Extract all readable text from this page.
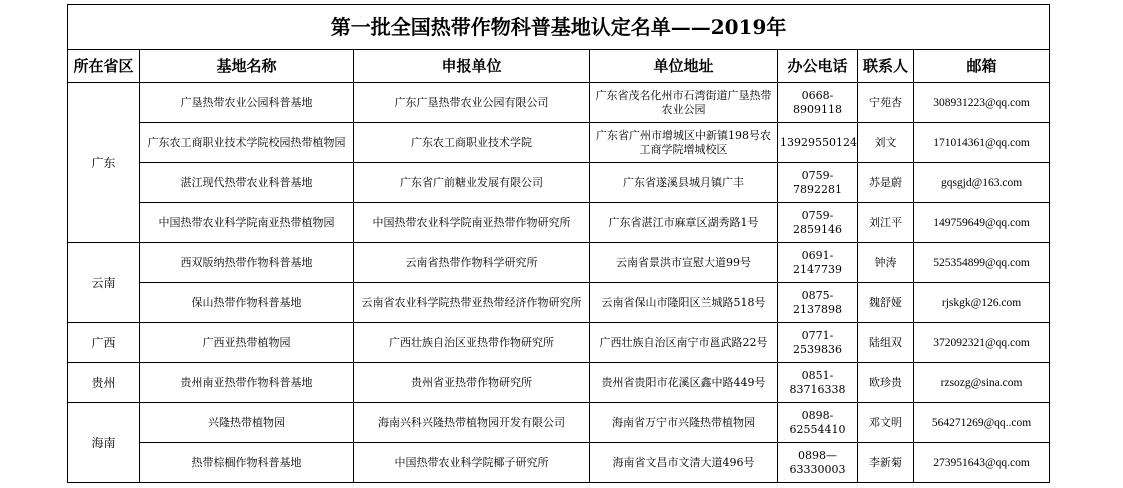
第一批全国热带作物科普基地认定名单——2019年						
所在省区	基地名称	申报单位	单位地址	办公电话	联系人	邮箱
广东	广垦热带农业公园科普基地	广东广垦热带农业公园有限公司	广东省茂名化州市石湾街道广垦热带农业公园	0668-8909118	宁苑杏	308931223@qq.com
	广东农工商职业技术学院校园热带植物园	广东农工商职业技术学院	广东省广州市增城区中新镇198号农工商学院增城校区	13929550124	刘文	171014361@qq.com
	湛江现代热带农业科普基地	广东省广前糖业发展有限公司	广东省遂溪县城月镇广丰	0759-7892281	苏是蔚	gqsgjd@163.com
	中国热带农业科学院南亚热带植物园	中国热带农业科学院南亚热带作物研究所	广东省湛江市麻章区湖秀路1号	0759-2859146	刘江平	149759649@qq.com
云南	西双版纳热带作物科普基地	云南省热带作物科学研究所	云南省景洪市宣慰大道99号	0691-2147739	钟涛	525354899@qq.com
	保山热带作物科普基地	云南省农业科学院热带亚热带经济作物研究所	云南省保山市隆阳区兰城路518号	0875-2137898	魏舒娅	rjskgk@126.com
广西	广西亚热带植物园	广西壮族自治区亚热带作物研究所	广西壮族自治区南宁市邕武路22号	0771-2539836	陆组双	372092321@qq.com
贵州	贵州南亚热带作物科普基地	贵州省亚热带作物研究所	贵州省贵阳市花溪区鑫中路449号	0851-83716338	欧珍贵	rzsozg@sina.com
海南	兴隆热带植物园	海南兴科兴隆热带植物园开发有限公司	海南省万宁市兴隆热带植物园	0898-62554410	邓文明	564271269@qq..com
	热带棕榈作物科普基地	中国热带农业科学院椰子研究所	海南省文昌市文清大道496号	0898—63330003	李新菊	273951643@qq.com
